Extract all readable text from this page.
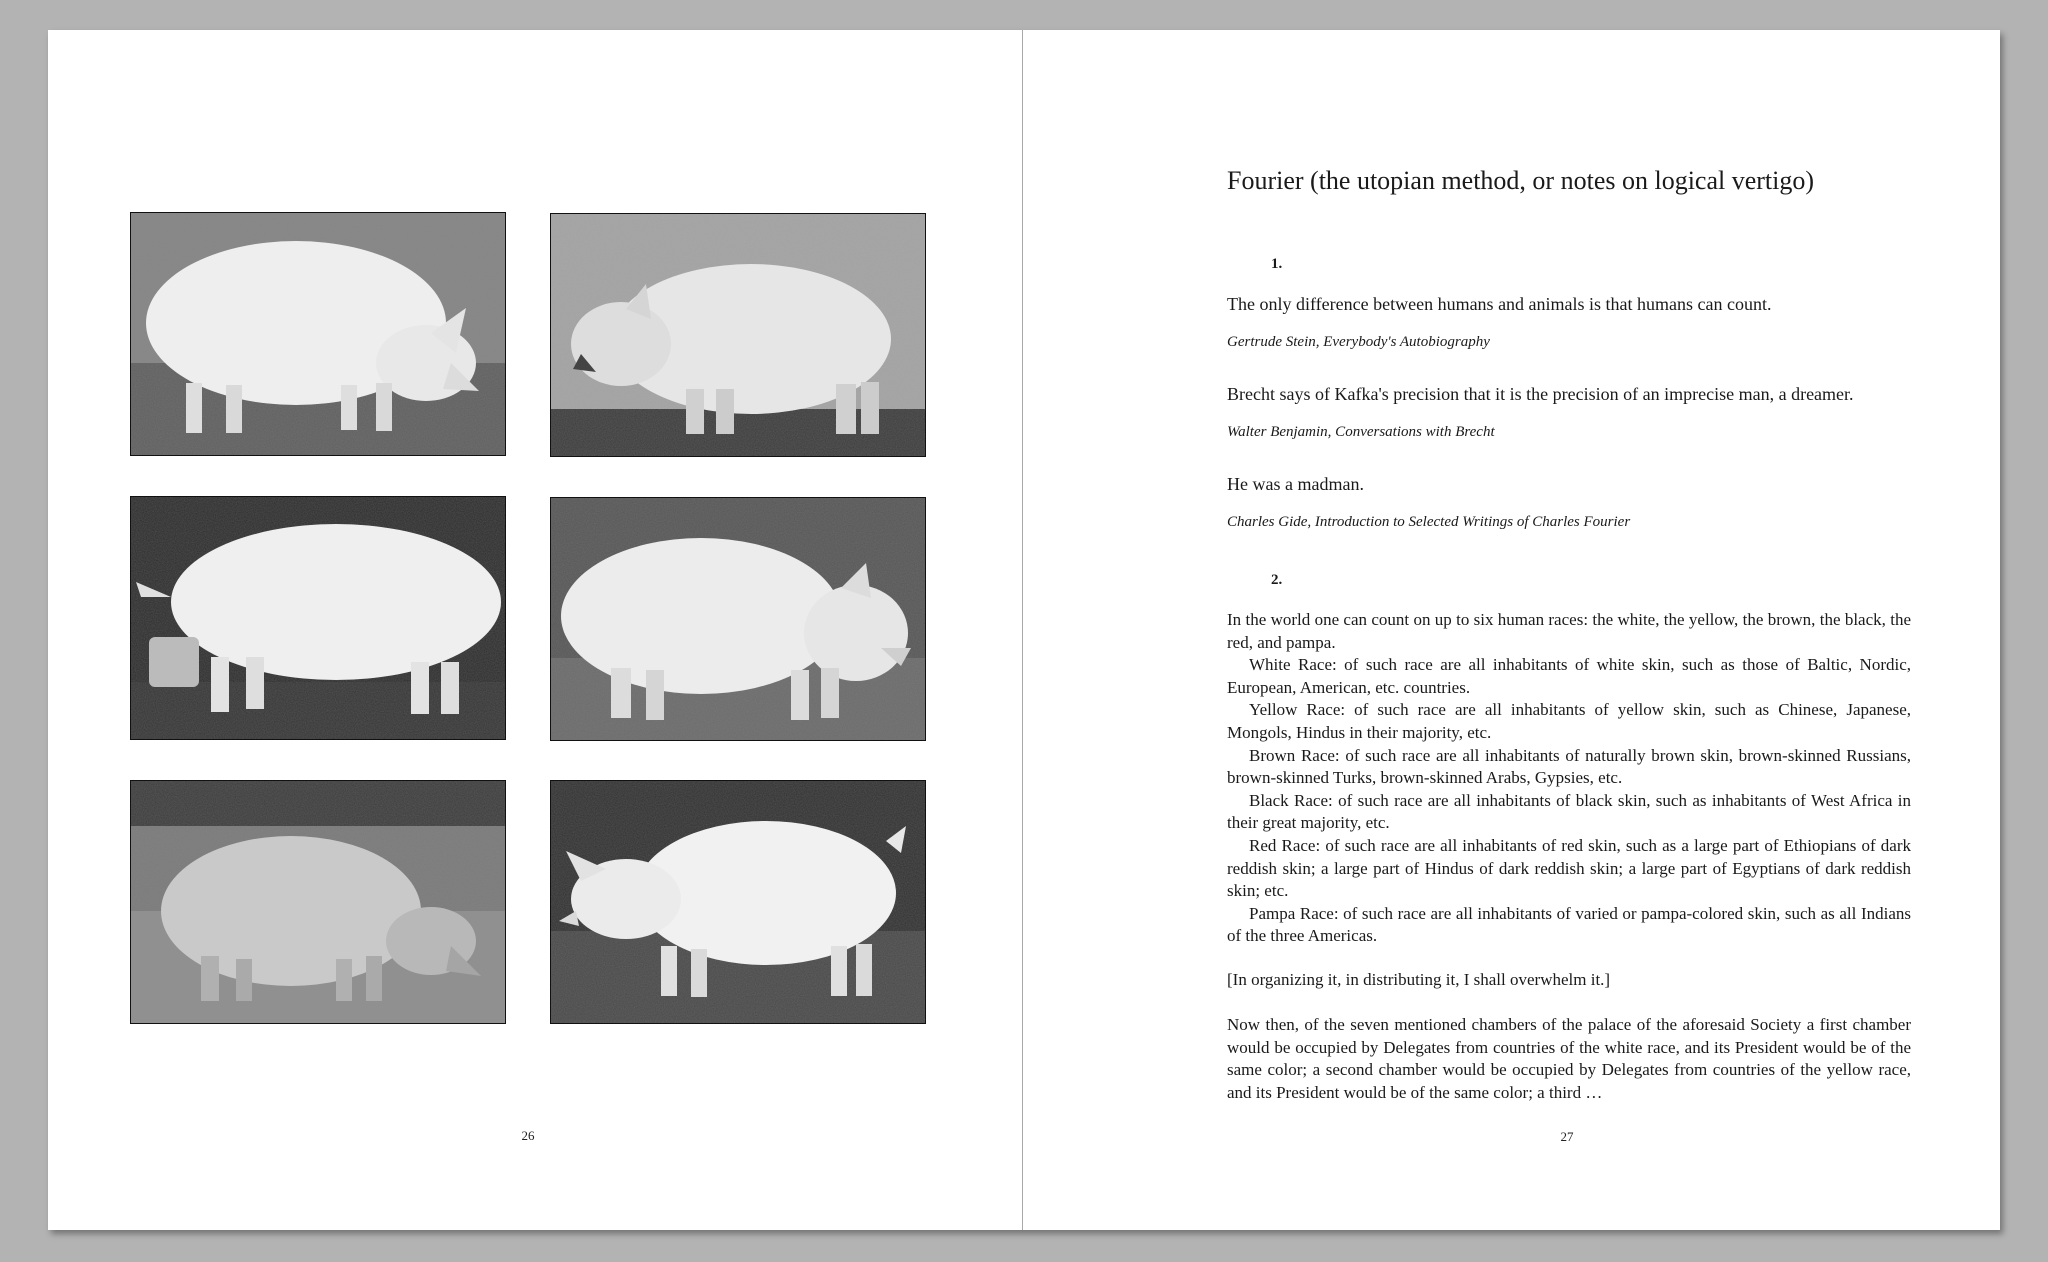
26
Fourier (the utopian method, or notes on logical vertigo)
1.
The only difference between humans and animals is that humans can count.
Gertrude Stein, Everybody's Autobiography
Brecht says of Kafka's precision that it is the precision of an imprecise man, a dreamer.
Walter Benjamin, Conversations with Brecht
He was a madman.
Charles Gide, Introduction to Selected Writings of Charles Fourier
2.

In the world one can count on up to six human races: the white, the yellow, the brown, the black, the red, and pampa.

White Race: of such race are all inhabitants of white skin, such as those of Baltic, Nordic, European, American, etc. countries.

Yellow Race: of such race are all inhabitants of yellow skin, such as Chinese, Japanese, Mongols, Hindus in their majority, etc.

Brown Race: of such race are all inhabitants of naturally brown skin, brown-skinned Russians, brown-skinned Turks, brown-skinned Arabs, Gypsies, etc.

Black Race: of such race are all inhabitants of black skin, such as inhabitants of West Africa in their great majority, etc.

Red Race: of such race are all inhabitants of red skin, such as a large part of Ethiopians of dark reddish skin; a large part of Hindus of dark reddish skin; a large part of Egyptians of dark reddish skin; etc.

Pampa Race: of such race are all inhabitants of varied or pampa-colored skin, such as all Indians of the three Americas.

[In organizing it, in distributing it, I shall overwhelm it.]

Now then, of the seven mentioned chambers of the palace of the aforesaid Society a first chamber would be occupied by Delegates from countries of the white race, and its President would be of the same color; a second chamber would be occupied by Delegates from countries of the yellow race, and its President would be of the same color; a third …

27
